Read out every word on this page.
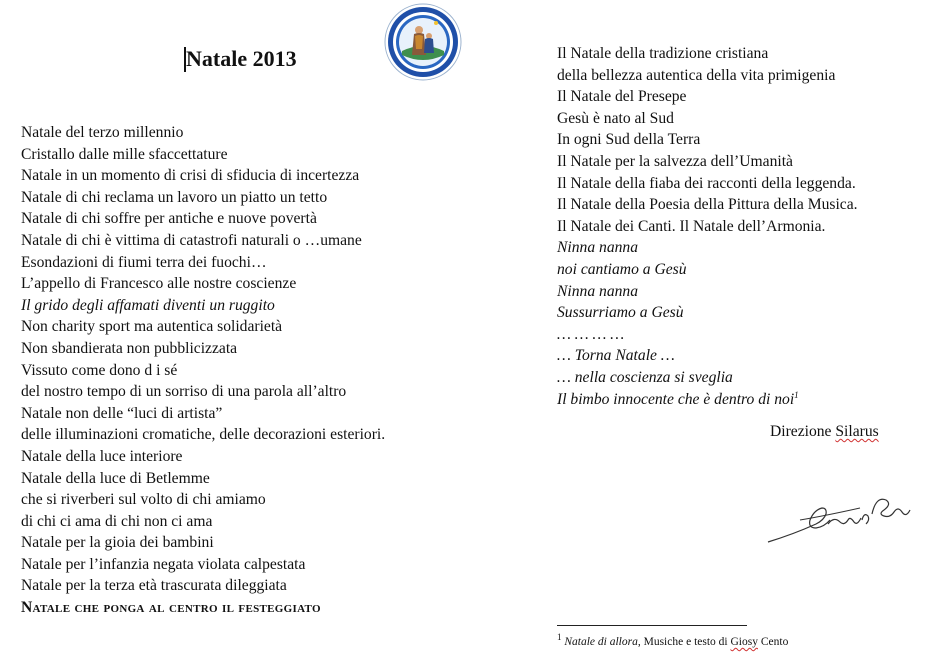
Natale 2013
Natale del terzo millennio
Cristallo dalle mille sfaccettature
Natale in un momento di crisi di sfiducia di incertezza
Natale di chi reclama un lavoro un piatto un tetto
Natale di chi soffre per antiche e nuove povertà
Natale di chi è vittima di catastrofi naturali o …umane
Esondazioni di fiumi terra dei fuochi…
L’appello di Francesco alle nostre coscienze
Il grido degli affamati diventi un ruggito
Non charity sport ma autentica solidarietà
Non sbandierata non pubblicizzata
Vissuto come dono d i sé
del nostro tempo di un sorriso di una parola all’altro
Natale non delle “luci di artista”
delle illuminazioni cromatiche, delle decorazioni esteriori.
Natale della luce interiore
Natale della luce di Betlemme
che si riverberi sul volto di chi amiamo
di chi ci ama di chi non ci ama
Natale per la gioia dei bambini
Natale per l’infanzia negata violata calpestata
Natale per la terza età trascurata dileggiata
Natale che ponga al centro il festeggiato
Il Natale della tradizione cristiana
della bellezza autentica della vita primigenia
Il Natale del Presepe
Gesù è nato al Sud
In ogni Sud della Terra
Il Natale per la salvezza dell’Umanità
Il Natale della fiaba dei racconti della leggenda.
Il Natale della Poesia della Pittura della Musica.
Il Natale dei Canti. Il Natale dell’Armonia.
Ninna nanna
noi cantiamo a Gesù
Ninna nanna
Sussurriamo a Gesù
… … … …
… Torna Natale …
… nella coscienza si sveglia
Il bimbo innocente che è dentro di noi$^1$
Direzione Silarus
$^1$ Natale di allora, Musiche e testo di Giosy Cento
